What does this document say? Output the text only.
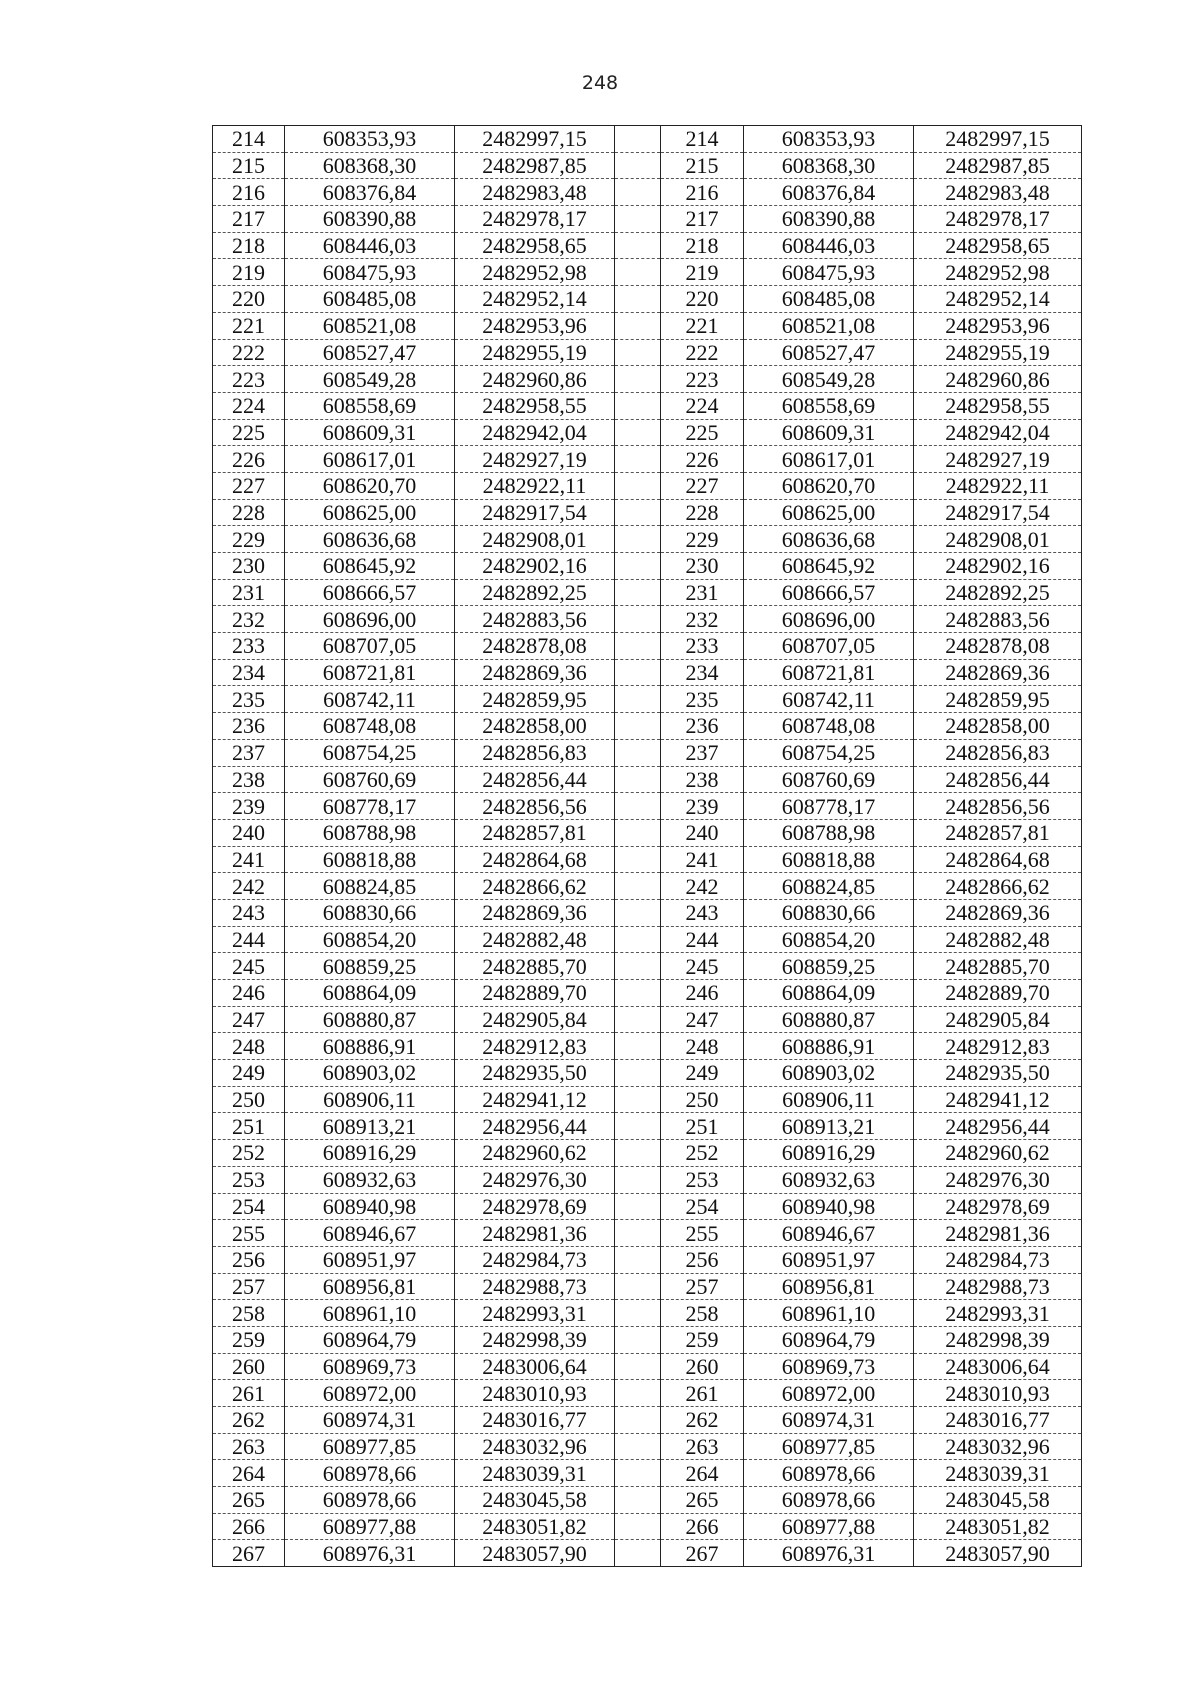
248
214	608353,93	2482997,15		214	608353,93	2482997,15
215	608368,30	2482987,85		215	608368,30	2482987,85
216	608376,84	2482983,48		216	608376,84	2482983,48
217	608390,88	2482978,17		217	608390,88	2482978,17
218	608446,03	2482958,65		218	608446,03	2482958,65
219	608475,93	2482952,98		219	608475,93	2482952,98
220	608485,08	2482952,14		220	608485,08	2482952,14
221	608521,08	2482953,96		221	608521,08	2482953,96
222	608527,47	2482955,19		222	608527,47	2482955,19
223	608549,28	2482960,86		223	608549,28	2482960,86
224	608558,69	2482958,55		224	608558,69	2482958,55
225	608609,31	2482942,04		225	608609,31	2482942,04
226	608617,01	2482927,19		226	608617,01	2482927,19
227	608620,70	2482922,11		227	608620,70	2482922,11
228	608625,00	2482917,54		228	608625,00	2482917,54
229	608636,68	2482908,01		229	608636,68	2482908,01
230	608645,92	2482902,16		230	608645,92	2482902,16
231	608666,57	2482892,25		231	608666,57	2482892,25
232	608696,00	2482883,56		232	608696,00	2482883,56
233	608707,05	2482878,08		233	608707,05	2482878,08
234	608721,81	2482869,36		234	608721,81	2482869,36
235	608742,11	2482859,95		235	608742,11	2482859,95
236	608748,08	2482858,00		236	608748,08	2482858,00
237	608754,25	2482856,83		237	608754,25	2482856,83
238	608760,69	2482856,44		238	608760,69	2482856,44
239	608778,17	2482856,56		239	608778,17	2482856,56
240	608788,98	2482857,81		240	608788,98	2482857,81
241	608818,88	2482864,68		241	608818,88	2482864,68
242	608824,85	2482866,62		242	608824,85	2482866,62
243	608830,66	2482869,36		243	608830,66	2482869,36
244	608854,20	2482882,48		244	608854,20	2482882,48
245	608859,25	2482885,70		245	608859,25	2482885,70
246	608864,09	2482889,70		246	608864,09	2482889,70
247	608880,87	2482905,84		247	608880,87	2482905,84
248	608886,91	2482912,83		248	608886,91	2482912,83
249	608903,02	2482935,50		249	608903,02	2482935,50
250	608906,11	2482941,12		250	608906,11	2482941,12
251	608913,21	2482956,44		251	608913,21	2482956,44
252	608916,29	2482960,62		252	608916,29	2482960,62
253	608932,63	2482976,30		253	608932,63	2482976,30
254	608940,98	2482978,69		254	608940,98	2482978,69
255	608946,67	2482981,36		255	608946,67	2482981,36
256	608951,97	2482984,73		256	608951,97	2482984,73
257	608956,81	2482988,73		257	608956,81	2482988,73
258	608961,10	2482993,31		258	608961,10	2482993,31
259	608964,79	2482998,39		259	608964,79	2482998,39
260	608969,73	2483006,64		260	608969,73	2483006,64
261	608972,00	2483010,93		261	608972,00	2483010,93
262	608974,31	2483016,77		262	608974,31	2483016,77
263	608977,85	2483032,96		263	608977,85	2483032,96
264	608978,66	2483039,31		264	608978,66	2483039,31
265	608978,66	2483045,58		265	608978,66	2483045,58
266	608977,88	2483051,82		266	608977,88	2483051,82
267	608976,31	2483057,90		267	608976,31	2483057,90
